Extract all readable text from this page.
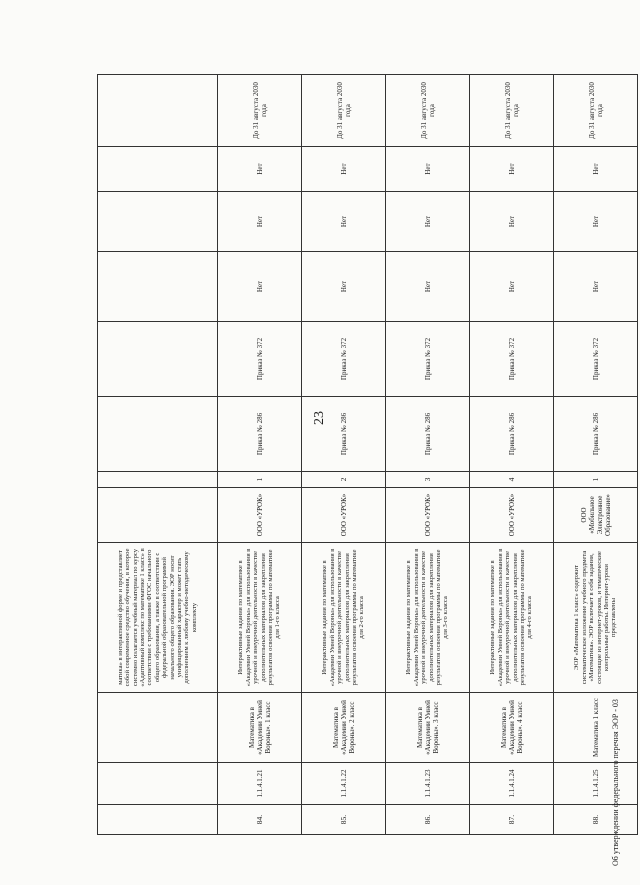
23
			матика» в интерактивной форме и представляет собой современное средство обучения, в которое системно излагается учебный материал по курсу «Адаптивный комплекс по математике 1 класс» в соответствии с требованиями ФГОС начального общего образования, а также в соответствии с федеральной образовательной программой начального общего образования. ЭОР носит унифицированный характер и может стать дополнением к любому учебно-методическому комплекту								
84.	1.1.4.1.21	Математика в «Академии Умней Вороны». 1 класс	Интерактивные задания по математике в «Академии Умней Вороны» для использования в урочной и внеурочной деятельности в качестве дополнительных материалов для закрепления результатов освоения программы по математике для 1-го класса	ООО «УРОК»	1	Приказ № 286	Приказ № 372	Нет	Нет	Нет	До 31 августа 2030 года
85.	1.1.4.1.22	Математика в «Академии Умней Вороны». 2 класс	Интерактивные задания по математике в «Академии Умней Вороны» для использования в урочной и внеурочной деятельности в качестве дополнительных материалов для закрепления результатов освоения программы по математике для 2-го класса	ООО «УРОК»	2	Приказ № 286	Приказ № 372	Нет	Нет	Нет	До 31 августа 2030 года
86.	1.1.4.1.23	Математика в «Академии Умней Вороны». 3 класс	Интерактивные задания по математике в «Академии Умней Вороны» для использования в урочной и внеурочной деятельности в качестве дополнительных материалов для закрепления результатов освоения программы по математике для 3-го класса	ООО «УРОК»	3	Приказ № 286	Приказ № 372	Нет	Нет	Нет	До 31 августа 2030 года
87.	1.1.4.1.24	Математика в «Академии Умней Вороны». 4 класс	Интерактивные задания по математике в «Академии Умней Вороны» для использования в урочной и внеурочной деятельности в качестве дополнительных материалов для закрепления результатов освоения программы по математике для 4-го класса	ООО «УРОК»	4	Приказ № 286	Приказ № 372	Нет	Нет	Нет	До 31 августа 2030 года
88.	1.1.4.1.25	Математика 1 класс	ЭОР «Математика 1 класс» содержит систематическое изложение учебного предмета «Математика». ЭОР включает в себя задания, состоящие из интернет-уроков, и тематические контрольные работы. Интернет-уроки представлены	ООО «Мобильное Электронное Образование»	1	Приказ № 286	Приказ № 372	Нет	Нет	Нет	До 31 августа 2030 года
Об утверждении федерального перечня ЭОР - 03
